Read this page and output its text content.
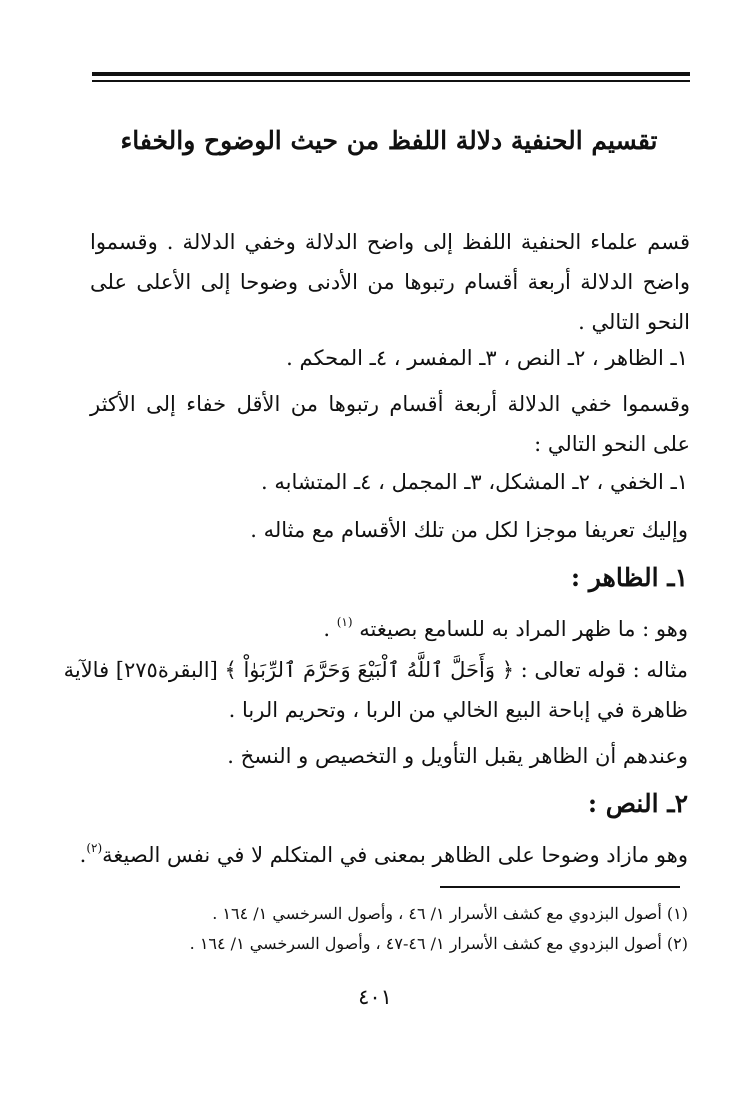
تقسيم الحنفية دلالة اللفظ من حيث الوضوح والخفاء

قسم علماء الحنفية اللفظ إلى واضح الدلالة وخفي الدلالة . وقسموا واضح الدلالة أربعة أقسام رتبوها من الأدنى وضوحا إلى الأعلى على النحو التالي .

١ـ الظاهر ، ٢ـ النص ، ٣ـ المفسر ، ٤ـ المحكم .

وقسموا خفي الدلالة أربعة أقسام رتبوها من الأقل خفاء إلى الأكثر على النحو التالي :

١ـ الخفي ، ٢ـ المشكل، ٣ـ المجمل ، ٤ـ المتشابه .

وإليك تعريفا موجزا لكل من تلك الأقسام مع مثاله .

١ـ الظاهر :

وهو : ما ظهر المراد به للسامع بصيغته $^{(١)}$ .

مثاله : قوله تعالى : ﴿ وَأَحَلَّ ٱللَّهُ ٱلْبَيْعَ وَحَرَّمَ ٱلرِّبَوٰاْ ﴾ [البقرة٢٧٥] فالآية

ظاهرة في إباحة البيع الخالي من الربا ، وتحريم الربا .

وعندهم أن الظاهر يقبل التأويل و التخصيص و النسخ .

٢ـ النص :

وهو مازاد وضوحا على الظاهر بمعنى في المتكلم لا في نفس الصيغة$^{(٢)}$.

(١) أصول البزدوي مع كشف الأسرار ١/ ٤٦ ، وأصول السرخسي ١/ ١٦٤ .
(٢) أصول البزدوي مع كشف الأسرار ١/ ٤٦-٤٧ ، وأصول السرخسي ١/ ١٦٤ .
٤٠١
